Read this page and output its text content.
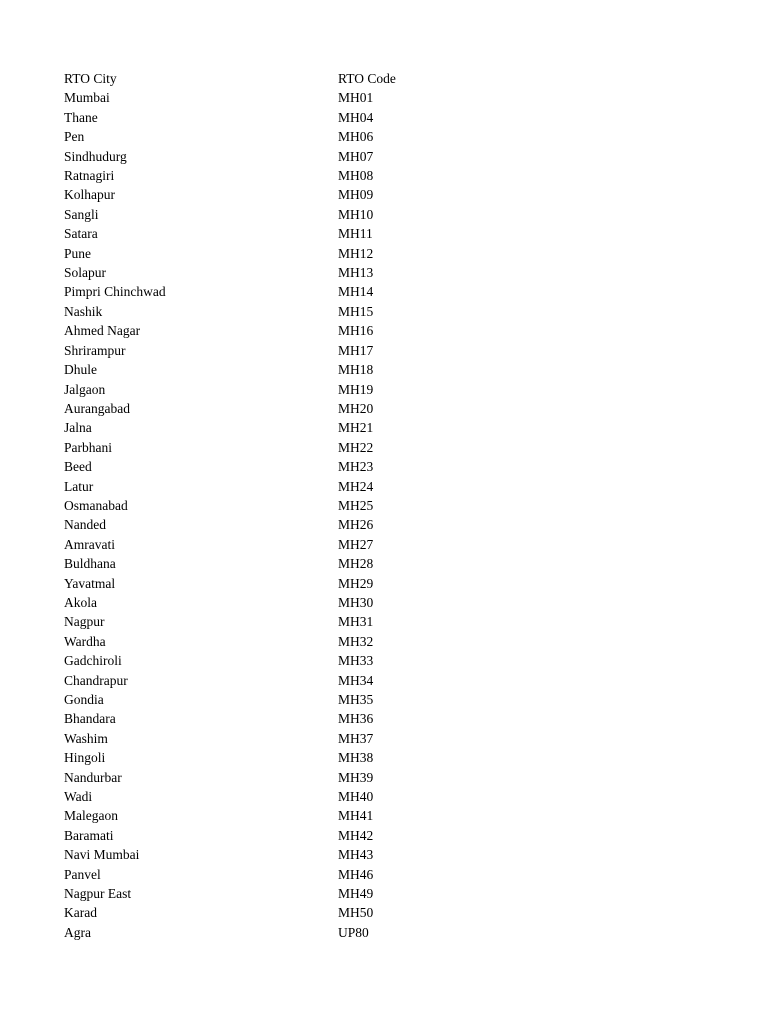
RTO City	RTO Code
Mumbai	MH01
Thane	MH04
Pen	MH06
Sindhudurg	MH07
Ratnagiri	MH08
Kolhapur	MH09
Sangli	MH10
Satara	MH11
Pune	MH12
Solapur	MH13
Pimpri Chinchwad	MH14
Nashik	MH15
Ahmed Nagar	MH16
Shrirampur	MH17
Dhule	MH18
Jalgaon	MH19
Aurangabad	MH20
Jalna	MH21
Parbhani	MH22
Beed	MH23
Latur	MH24
Osmanabad	MH25
Nanded	MH26
Amravati	MH27
Buldhana	MH28
Yavatmal	MH29
Akola	MH30
Nagpur	MH31
Wardha	MH32
Gadchiroli	MH33
Chandrapur	MH34
Gondia	MH35
Bhandara	MH36
Washim	MH37
Hingoli	MH38
Nandurbar	MH39
Wadi	MH40
Malegaon	MH41
Baramati	MH42
Navi Mumbai	MH43
Panvel	MH46
Nagpur East	MH49
Karad	MH50
Agra	UP80
